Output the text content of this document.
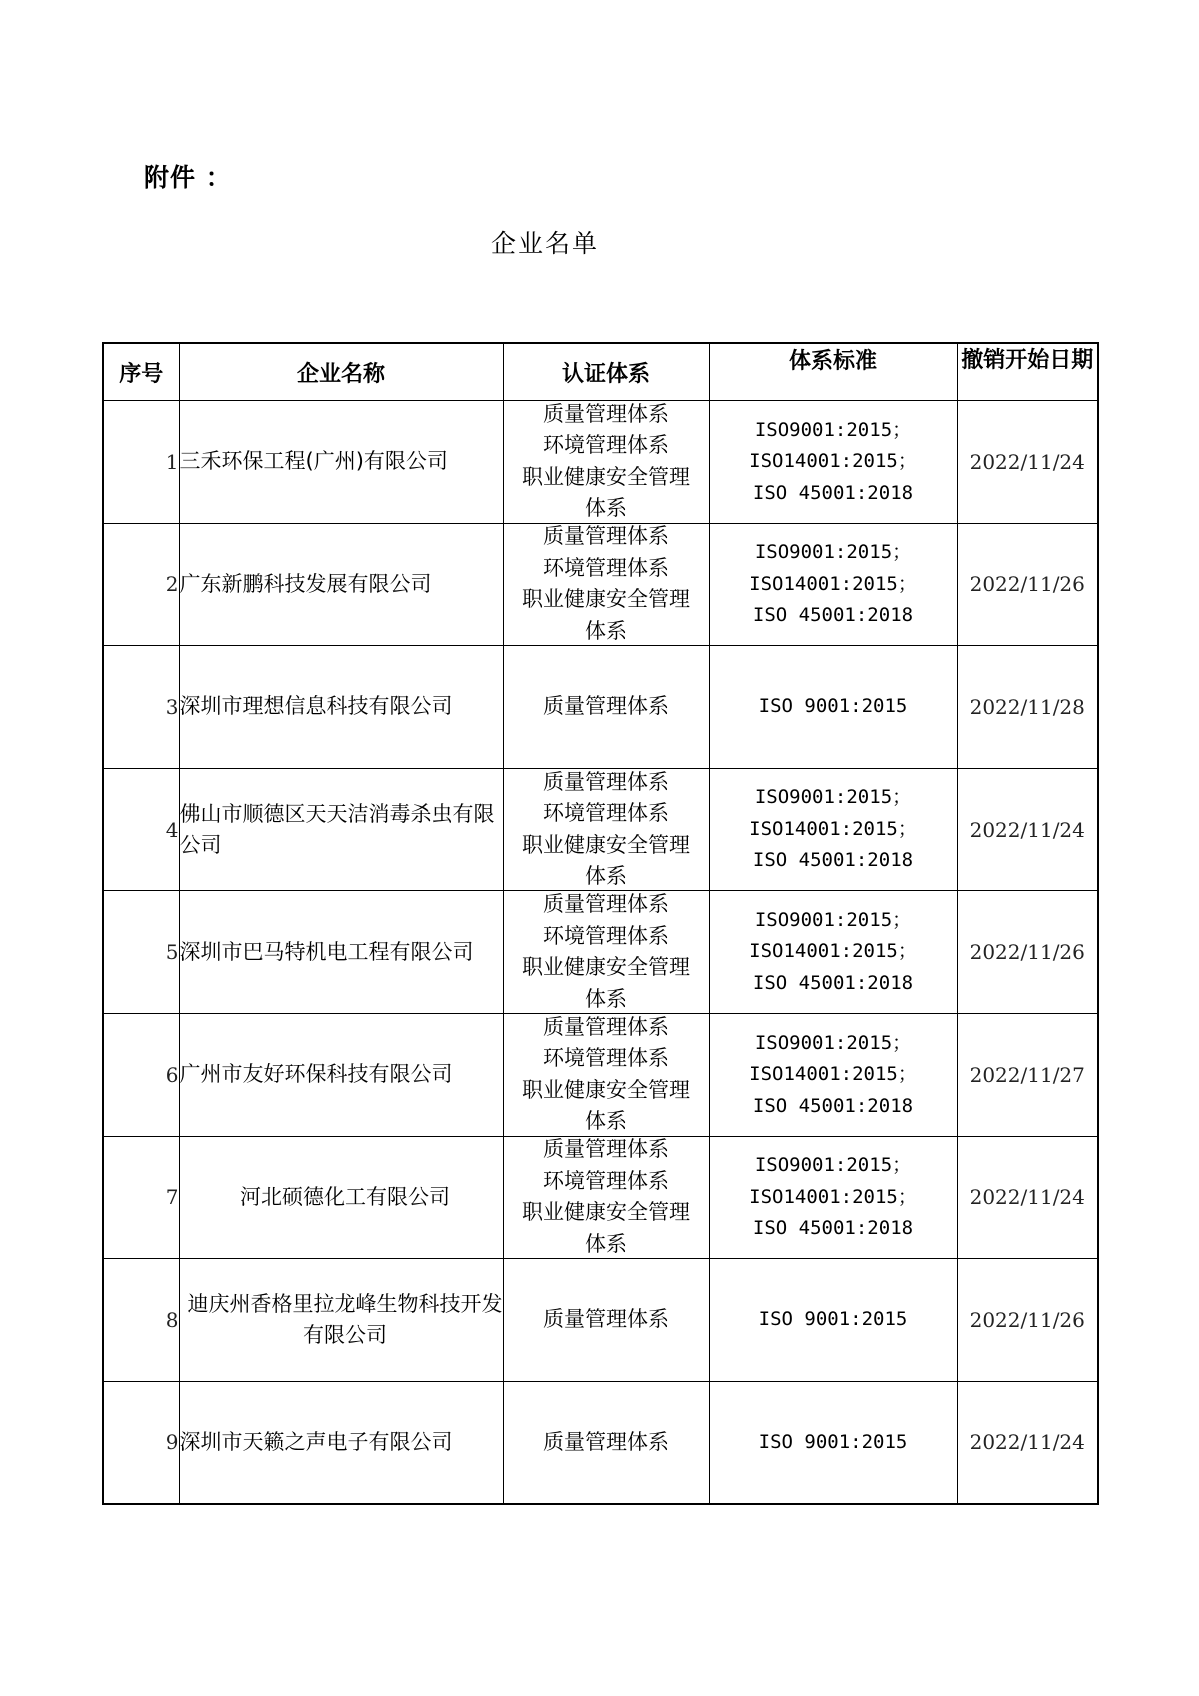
附件 ：
企业名单
序号	企业名称	认证体系	体系标准	撤销开始日期

1	三禾环保工程(广州)有限公司	质量管理体系
环境管理体系
职业健康安全管理
体系	ISO9001:2015；
ISO14001:2015；
ISO 45001:2018	2022/11/24
2	广东新鹏科技发展有限公司	质量管理体系
环境管理体系
职业健康安全管理
体系	ISO9001:2015；
ISO14001:2015；
ISO 45001:2018	2022/11/26
3	深圳市理想信息科技有限公司	质量管理体系	ISO 9001:2015	2022/11/28
4	佛山市顺德区天天洁消毒杀虫有限公司	质量管理体系
环境管理体系
职业健康安全管理
体系	ISO9001:2015；
ISO14001:2015；
ISO 45001:2018	2022/11/24
5	深圳市巴马特机电工程有限公司	质量管理体系
环境管理体系
职业健康安全管理
体系	ISO9001:2015；
ISO14001:2015；
ISO 45001:2018	2022/11/26
6	广州市友好环保科技有限公司	质量管理体系
环境管理体系
职业健康安全管理
体系	ISO9001:2015；
ISO14001:2015；
ISO 45001:2018	2022/11/27
7	河北硕德化工有限公司	质量管理体系
环境管理体系
职业健康安全管理
体系	ISO9001:2015；
ISO14001:2015；
ISO 45001:2018	2022/11/24
8	迪庆州香格里拉龙峰生物科技开发有限公司	质量管理体系	ISO 9001:2015	2022/11/26
9	深圳市天籁之声电子有限公司	质量管理体系	ISO 9001:2015	2022/11/24
